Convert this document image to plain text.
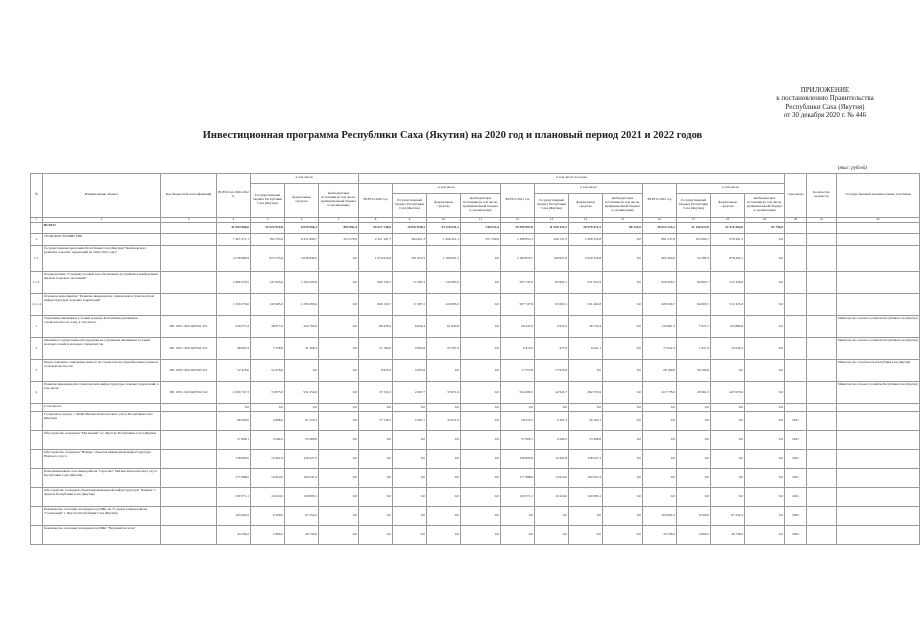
ПРИЛОЖЕНИЕ
к постановлению Правительства
Республики Саха (Якутия)
от 30 декабря 2020 г. № 446
Инвестиционная программа Республики Саха (Якутия) на 2020 год и плановый период 2021 и 2022 годов
(тыс. рублей)
№	Наименование объекта	Код бюджетной классификации	ВСЕГО на 2020-2022 гг.	в том числе:			в том числе по годам												Срок ввода	Количество мощность	Государственный заказчик и иные участники
				Государственный бюджет Республики Саха (Якутия)	федеральные средства	внебюджетные источники (в том числе, муниципальный бюджет и организации)	ВСЕГО 2020 год	в том числе			ВСЕГО 2021 год	в том числе			ВСЕГО 2022 год	в том числе					
								Государственный бюджет Республики Саха (Якутия)	федеральные средства	внебюджетные источники (в том числе, муниципальный бюджет и организации)		Государственный бюджет Республики Саха (Якутия)	федеральные средства	внебюджетные источники (в том числе, муниципальный бюджет и организации)		Государственный бюджет Республики Саха (Якутия)	федеральные средства	внебюджетные источники (в том числе, муниципальный бюджет и организации)			
1	2	3	4	5	6	7	8	9	10	11	12	13	14	15	16	17	18	19	20	21	22
	ВСЕГО		31 904 966,6	24 322 919,8	6 639 966,4	892 082,4	65 617 740,6	10 847 838,3	25 116 631,1	740 922,4	29 599 907,8	11 534 322,5	26 978 472,3	86 123,0	26 612 224,1	21 150 612,8	52 316 364,8	91 796,0			
1.	СЕЛЬСКОЕ ХОЗЯЙСТВО		7 467 271,1	762 333,9	6 451 669,7	253 279,9	2 221 181,7	404 921,3	1 266 421,1	557 339,9	1 299 855,1	246 701,3	1 008 354,8	0,0	891 237,6	105 009,7	676 261,3	0,0			
1.1.	Государственная программа Республики Саха (Якутия) "Комплексного развития сельских территорий на 2020-2024 годы"		4 738 986,9	674 733,4	4 048 640,5	0,0	1 670 910,6	501 972,5	1 166 831,1	0,0	2 184 870,7	190 821,8	2 050 356,8	0,0	902 404,6	54 282,3	878 264,1	0,0			
1.1.1.	Подпрограмма "Создание условий для обеспечения доступным и комфортным жильем сельского населения"		1 980 276,5	147 995,0	1 294 295,6	0,0	846 130,7	17 287,2	132 083,5	0,0	507 747,9	63 665,1	521 951,6	0,0	626 500,7	84 063,7	512 329,6	0,0			
1.1.1.1.	Основное мероприятие "Развитие инженерной, социальной и транспортной инфраструктуры сельских территорий"		1 359 276,6	145 995,0	1 206 295,6	0,0	846 130,7	17 287,2	122 083,5	0,0	507 747,9	63 665,1	531 402,8	0,0	626 500,7	64 063,7	512 325,6	0,0			
1	Улучшение жилищных условий граждан Республики (жилищное строительство на селе), в том числе:	081 1001 1610 4R5761 321	259 577,4	38 877,0	222 700,4	0,0	89 478,2	9 034,4	61 940,8	0,0	30 447,0	2 931,0	38 716,4	0,0	132 861,3	7 971,7	124 889,6	0,0			Министерство сельского хозяйства Республики Саха (Якутия)
2	Оказание государственной поддержки на улучшение жилищных условий молодых семей и молодых специалистов	081 1001 1610 4R5762 321	48 065,3	7 558,8	41 306,4	0,0	21 769,0	2 063,8	22 787,3	0,0	9 472,0	477,0	9 641,1	0,0	17 622,3	1 957,4	16 243,2	0,0			Министерство сельского хозяйства Республики Саха (Якутия)
3	Предоставление социальных выплат на строительство (приобретение) жилья в сельской местности	082 1003 1610 4R5763 451	52 476,0	52 476,0	0,0	0,0	6 953,0	5 953,6	0,0	0,0	17 557,8	17 933,6	0,0	0,0	28 169,6	28 169,6	0,0	0,0			Министерство строительства Республики Саха (Якутия)
4	Развитие инженерной и транспортной инфраструктуры сельских территорий, в том числе:	081 1001 1610 4R5764 522	1 000 747,3	74 873,0	931 252,6	0,0	37 319,3	2 667,7	35 871,6	0,0	524 280,3	42 945,7	482 335,9	0,0	417 778,6	26 961,3	425 979,9	0,0			Министерство сельского хозяйства Республики Саха (Якутия)
	в том числе:		0,0	0,0	0,0	0,0	0,0	0,0	0,0	0,0	0,0	0,0	0,0	0,0	0,0	0,0	0,0	0,0			
	Газопровод-отвод к с. Майя Мегино-Кангаласского улуса Республики Саха (Якутия)		66 290,0	4 998,0	61 279,3	0,0	37 739,5	2 667,7	35 071,6	0,0	28 470,5	2 307,3	26 163,1	0,0	0,0	0,0	0,0	0,0	2021		
	Обустройство площадки "Маганский" в г. Якутске Республики Саха (Якутия)		57 908,1	4 569,2	53 308,8	0,0	0,0	0,0	0,0	0,0	57 908,1	4 569,2	53 308,8	0,0	0,0	0,0	0,0	0,0	2021		
	Обустройство площадки "Намцы" объектов инженерной инфраструктуры Намского улуса		138 695,0	10 491,8	128 227,3	0,0	0,0	0,0	0,0	0,0	138 695,0	10 491,8	128 227,3	0,0	0,0	0,0	0,0	0,0	2021		
	Канализационные сети микрорайона "Сергелях" Мегино-Кангаласского улуса Республики Саха (Якутия)		177 988,0	14 910,0	162 047,4	0,0	0,0	0,0	0,0	0,0	177 988,0	14 910,0	162 047,4	0,0	0,0	0,0	0,0	0,0	2021		
	Обустройство площадки объектами инженерной инфраструктуры "Байдам" с. Арылах Республики Саха (Якутия)		130 571,1	10 419,0	120 083,1	0,0	0,0	0,0	0,0	0,0	130 571,1	10 419,0	120 083,1	0,0	0,0	0,0	0,0	0,0	2021		
	Комплексное освоение площадки под ИЖС на 75 домов в микрорайоне "Солнечный" г. Якутска Республики Саха (Якутия)		105 002,2	6 500,0	97 252,2	0,0	0,0	0,0	0,0	0,0	0,0	0,0	0,0	0,0	105 002,2	6 500,0	97 252,2	0,0	2022		
	Комплексное освоение площадки под ИЖС "Верхний поселок"		43 336,2	2 600,2	40 736,0	0,0	0,0	0,0	0,0	0,0	0,0	0,0	0,0	0,0	43 336,2	2 600,2	40 736,0	0,0	2022		
